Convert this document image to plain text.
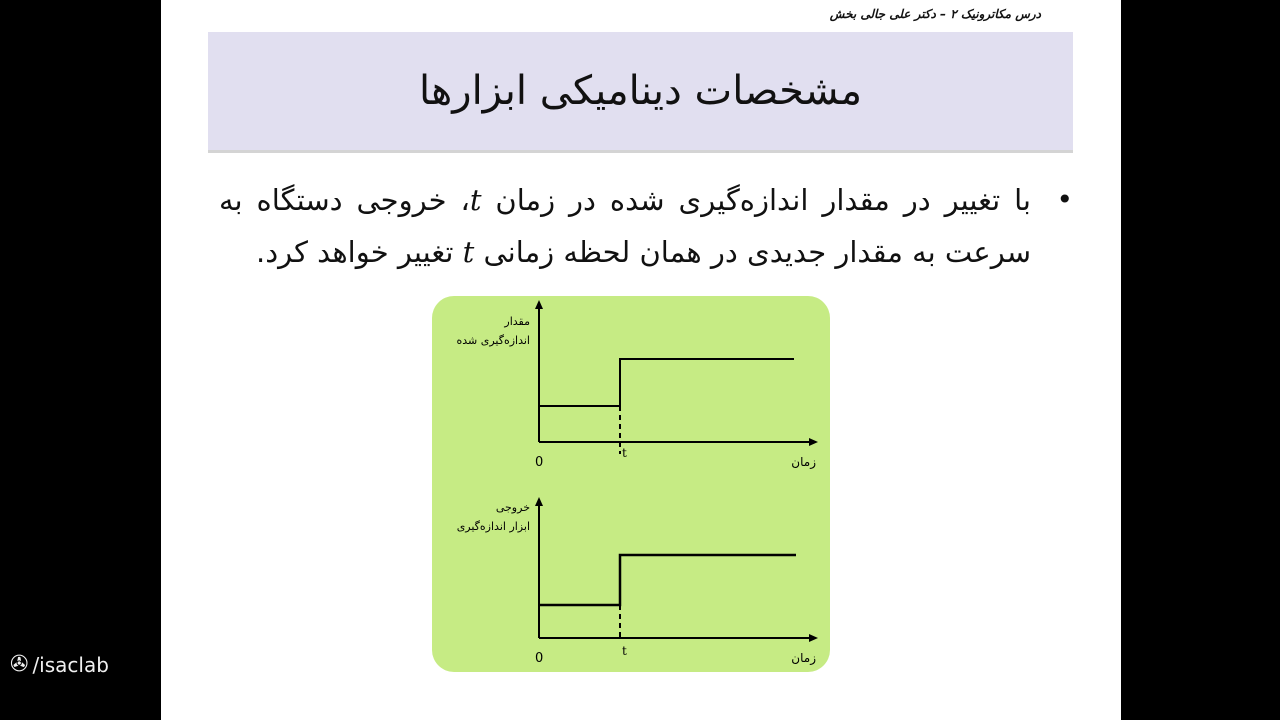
درس مکاترونیک ۲ – دکتر علی جالی بخش
مشخصات دینامیکی ابزارها
•
با تغییر در مقدار اندازه‌گیری شده در زمان t، خروجی دستگاه به سرعت به مقدار جدیدی در همان لحظه زمانی t تغییر خواهد کرد.
مقدار
اندازه‌گیری شده
0
t
زمان
خروجی
ابزار اندازه‌گیری
0	t	زمان
✇ /isaclab
